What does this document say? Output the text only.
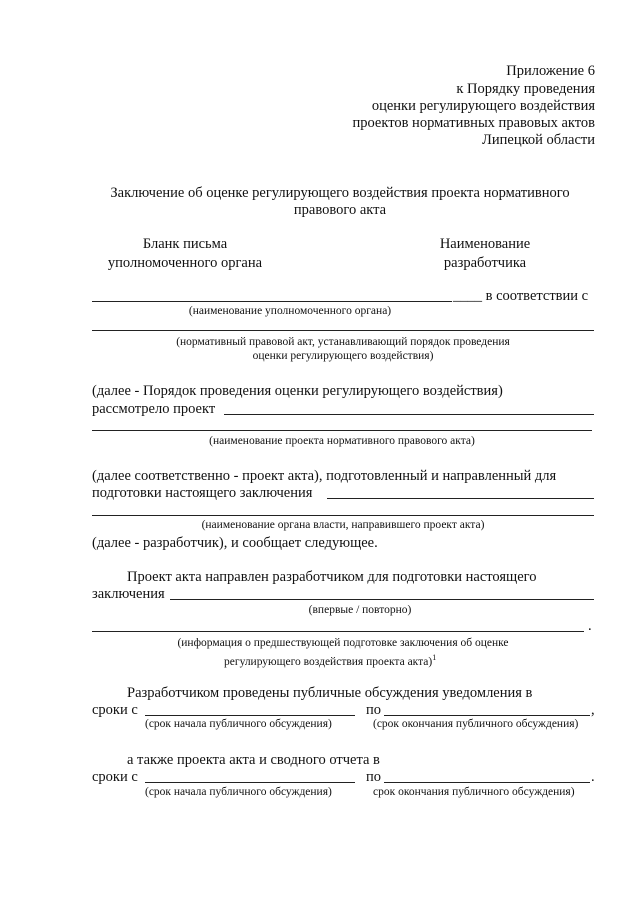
Приложение 6
к Порядку проведения
оценки регулирующего воздействия
проектов нормативных правовых актов
Липецкой области
Заключение об оценке регулирующего воздействия проекта нормативного
правового акта
Бланк письма
уполномоченного органа
Наименование
разработчика
____ в соответствии с
(наименование уполномоченного органа)
(нормативный правовой акт, устанавливающий порядок проведения
оценки регулирующего воздействия)
(далее - Порядок проведения оценки регулирующего воздействия)
рассмотрело проект
(наименование проекта нормативного правового акта)
(далее соответственно - проект акта), подготовленный и направленный для
подготовки настоящего заключения
(наименование органа власти, направившего проект акта)
(далее - разработчик), и сообщает следующее.
Проект акта направлен разработчиком для подготовки настоящего
заключения
(впервые / повторно)
.
(информация о предшествующей подготовке заключения об оценке
регулирующего воздействия проекта акта)$^1$
Разработчиком проведены публичные обсуждения уведомления в
сроки с	по	,
(срок начала публичного обсуждения)	(срок окончания публичного обсуждения)
а также проекта акта и сводного отчета в
сроки с	по	.
(срок начала публичного обсуждения)	срок окончания публичного обсуждения)
